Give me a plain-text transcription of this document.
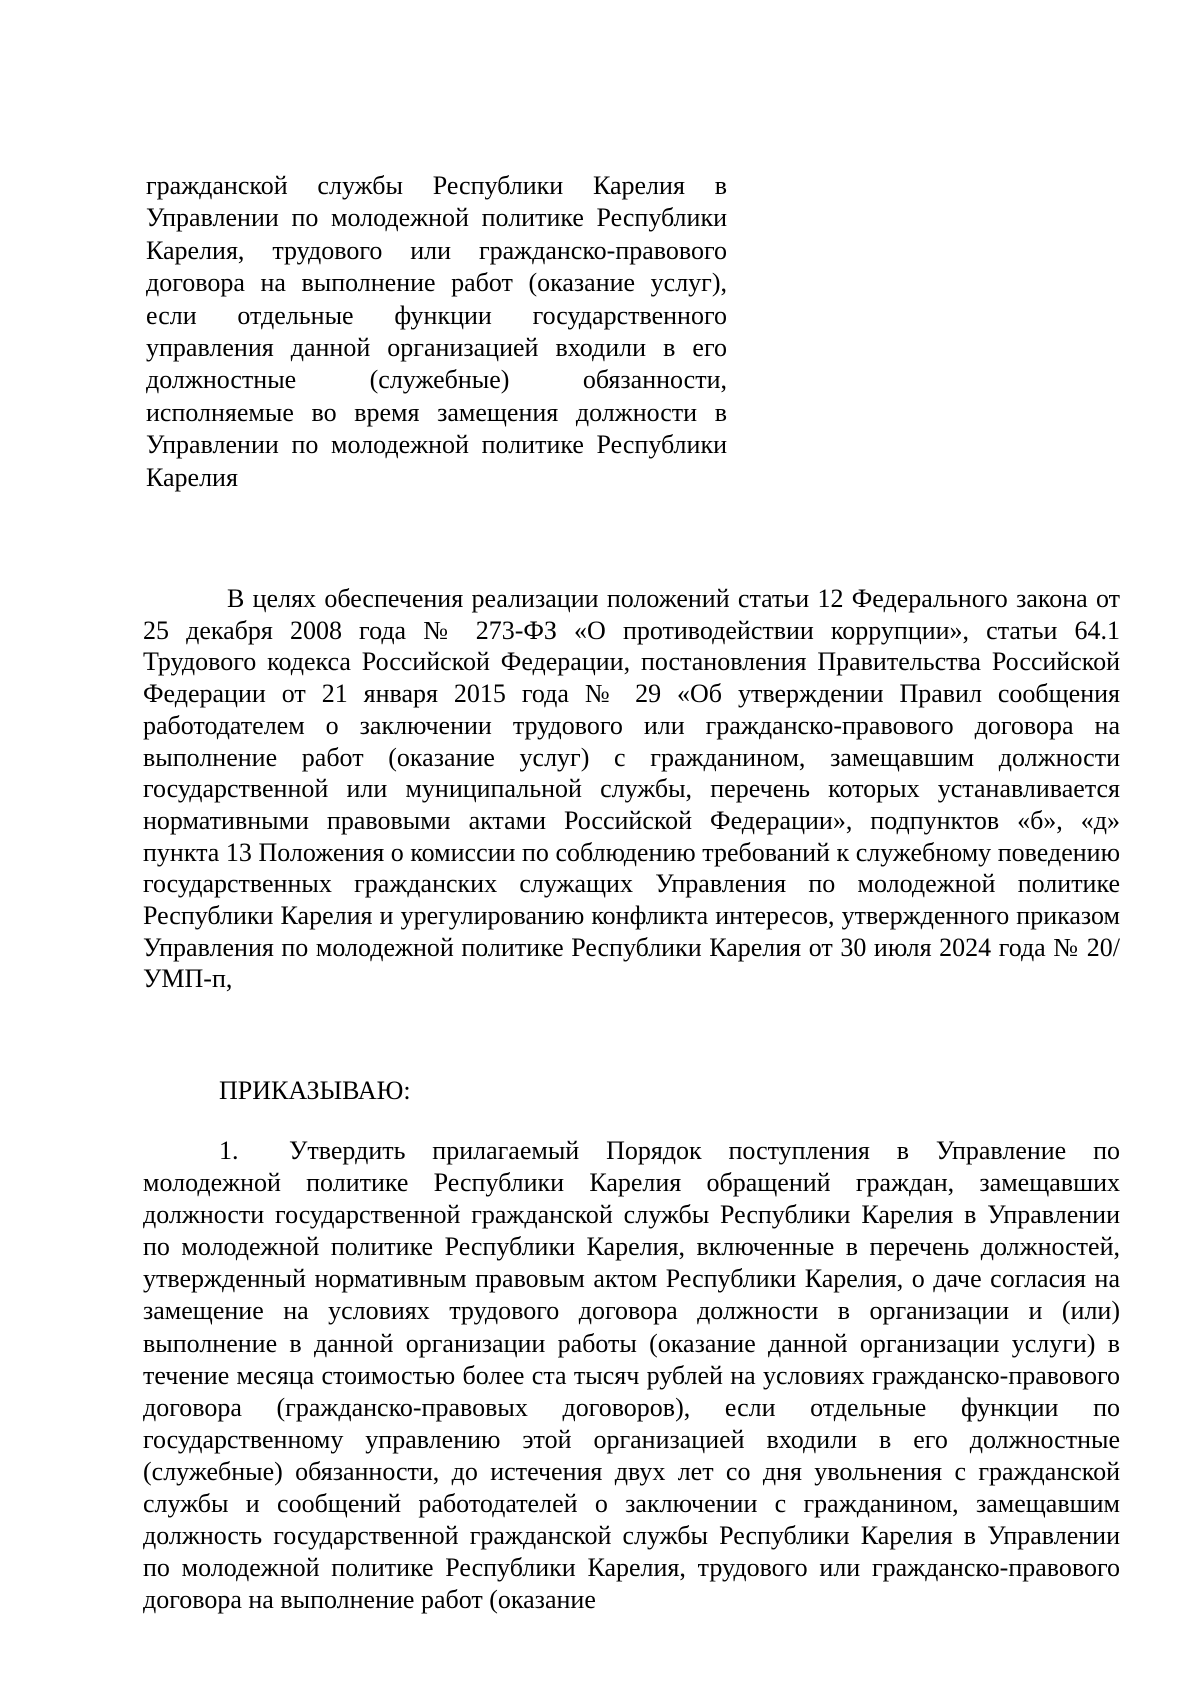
гражданской службы Республики Карелия в Управлении по молодежной политике Республики Карелия, трудового или гражданско-правового договора на выполнение работ (оказание услуг), если отдельные функции государственного управления данной организацией входили в его должностные (служебные) обязанности, исполняемые во время замещения должности в Управлении по молодежной политике Республики Карелия

В целях обеспечения реализации положений статьи 12 Федерального закона от 25 декабря 2008 года № 273-ФЗ «О противодействии коррупции», статьи 64.1 Трудового кодекса Российской Федерации, постановления Правительства Российской Федерации от 21 января 2015 года № 29 «Об утверждении Правил сообщения работодателем о заключении трудового или гражданско-правового договора на выполнение работ (оказание услуг) с гражданином, замещавшим должности государственной или муниципальной службы, перечень которых устанавливается нормативными правовыми актами Российской Федерации», подпунктов «б», «д» пункта 13 Положения о комиссии по соблюдению требований к служебному поведению государственных гражданских служащих Управления по молодежной политике Республики Карелия и урегулированию конфликта интересов, утвержденного приказом Управления по молодежной политике Республики Карелия от 30 июля 2024 года № 20/УМП-п,

ПРИКАЗЫВАЮ:

1. Утвердить прилагаемый Порядок поступления в Управление по молодежной политике Республики Карелия обращений граждан, замещавших должности государственной гражданской службы Республики Карелия в Управлении по молодежной политике Республики Карелия, включенные в перечень должностей, утвержденный нормативным правовым актом Республики Карелия, о даче согласия на замещение на условиях трудового договора должности в организации и (или) выполнение в данной организации работы (оказание данной организации услуги) в течение месяца стоимостью более ста тысяч рублей на условиях гражданско-правового договора (гражданско-правовых договоров), если отдельные функции по государственному управлению этой организацией входили в его должностные (служебные) обязанности, до истечения двух лет со дня увольнения с гражданской службы и сообщений работодателей о заключении с гражданином, замещавшим должность государственной гражданской службы Республики Карелия в Управлении по молодежной политике Республики Карелия, трудового или гражданско-правового договора на выполнение работ (оказание
